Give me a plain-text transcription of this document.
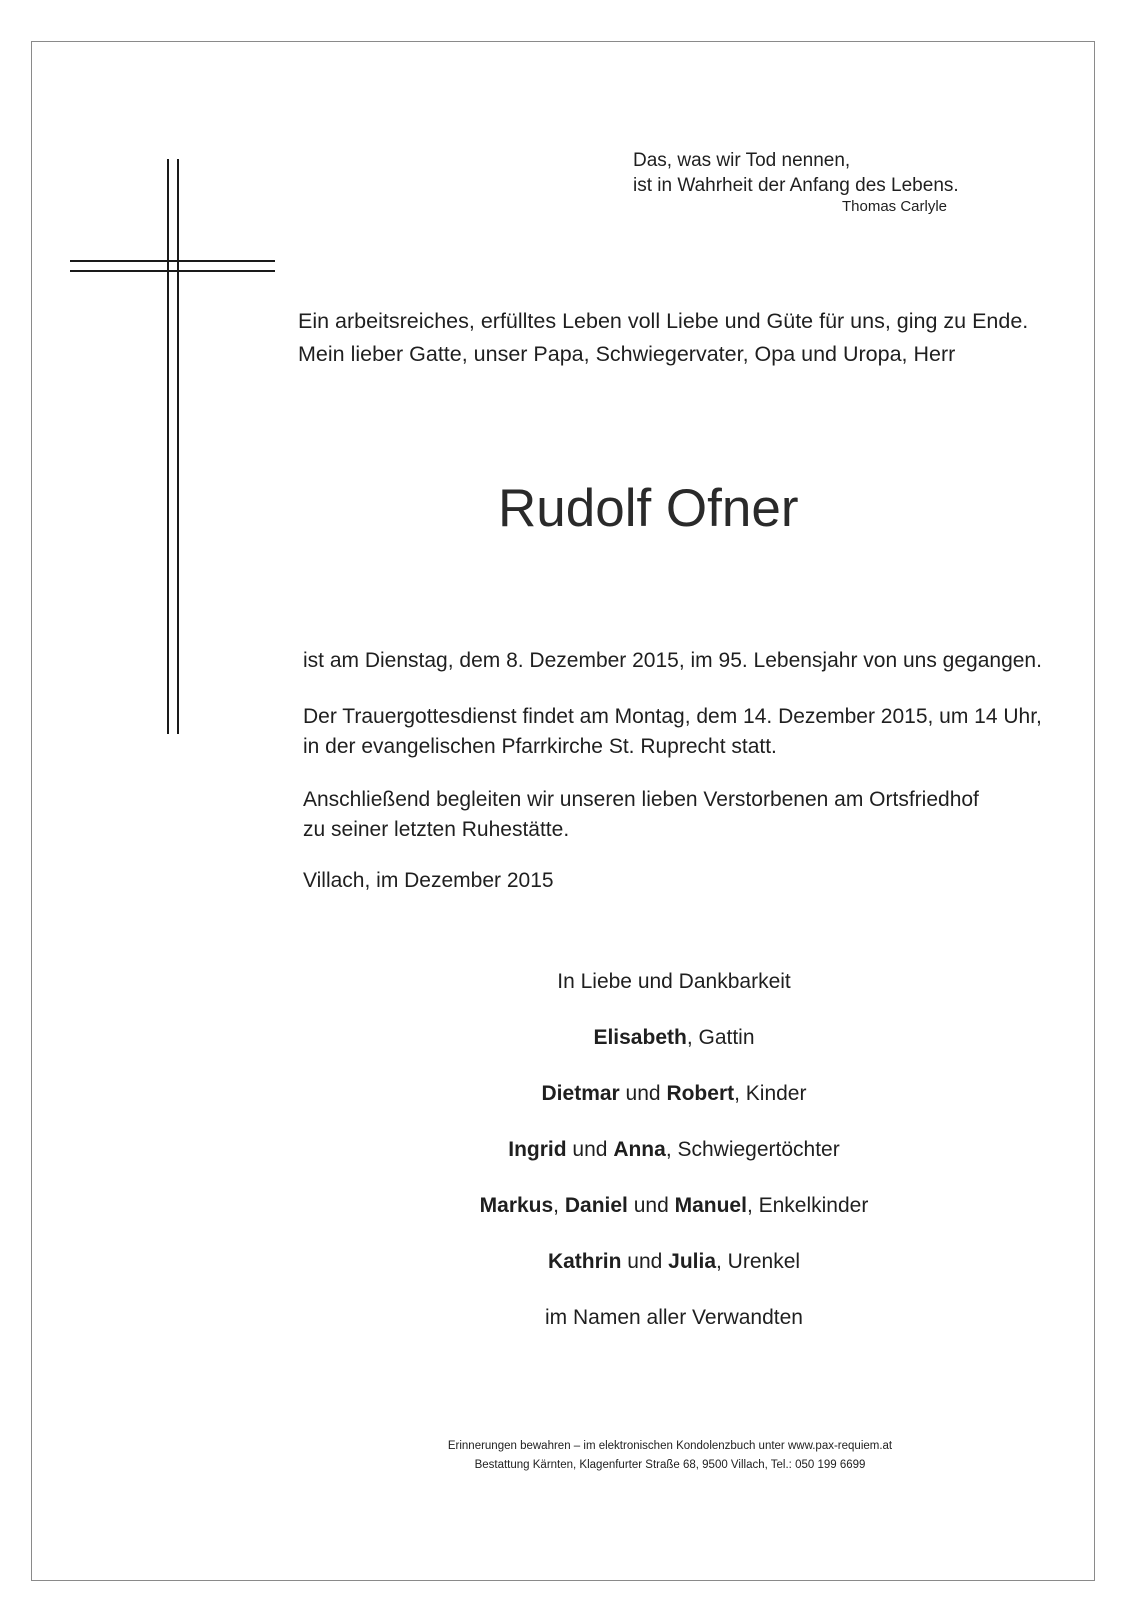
Das, was wir Tod nennen,
ist in Wahrheit der Anfang des Lebens.
Thomas Carlyle
Ein arbeitsreiches, erfülltes Leben voll Liebe und Güte für uns, ging zu Ende.
Mein lieber Gatte, unser Papa, Schwiegervater, Opa und Uropa, Herr
Rudolf Ofner
ist am Dienstag, dem 8. Dezember 2015, im 95. Lebensjahr von uns gegangen.
Der Trauergottesdienst findet am Montag, dem 14. Dezember 2015, um 14 Uhr,
in der evangelischen Pfarrkirche St. Ruprecht statt.
Anschließend begleiten wir unseren lieben Verstorbenen am Ortsfriedhof
zu seiner letzten Ruhestätte.
Villach, im Dezember 2015
In Liebe und Dankbarkeit
Elisabeth, Gattin
Dietmar und Robert, Kinder
Ingrid und Anna, Schwiegertöchter
Markus, Daniel und Manuel, Enkelkinder
Kathrin und Julia, Urenkel
im Namen aller Verwandten
Erinnerungen bewahren – im elektronischen Kondolenzbuch unter www.pax-requiem.at
Bestattung Kärnten, Klagenfurter Straße 68, 9500 Villach, Tel.: 050 199 6699
